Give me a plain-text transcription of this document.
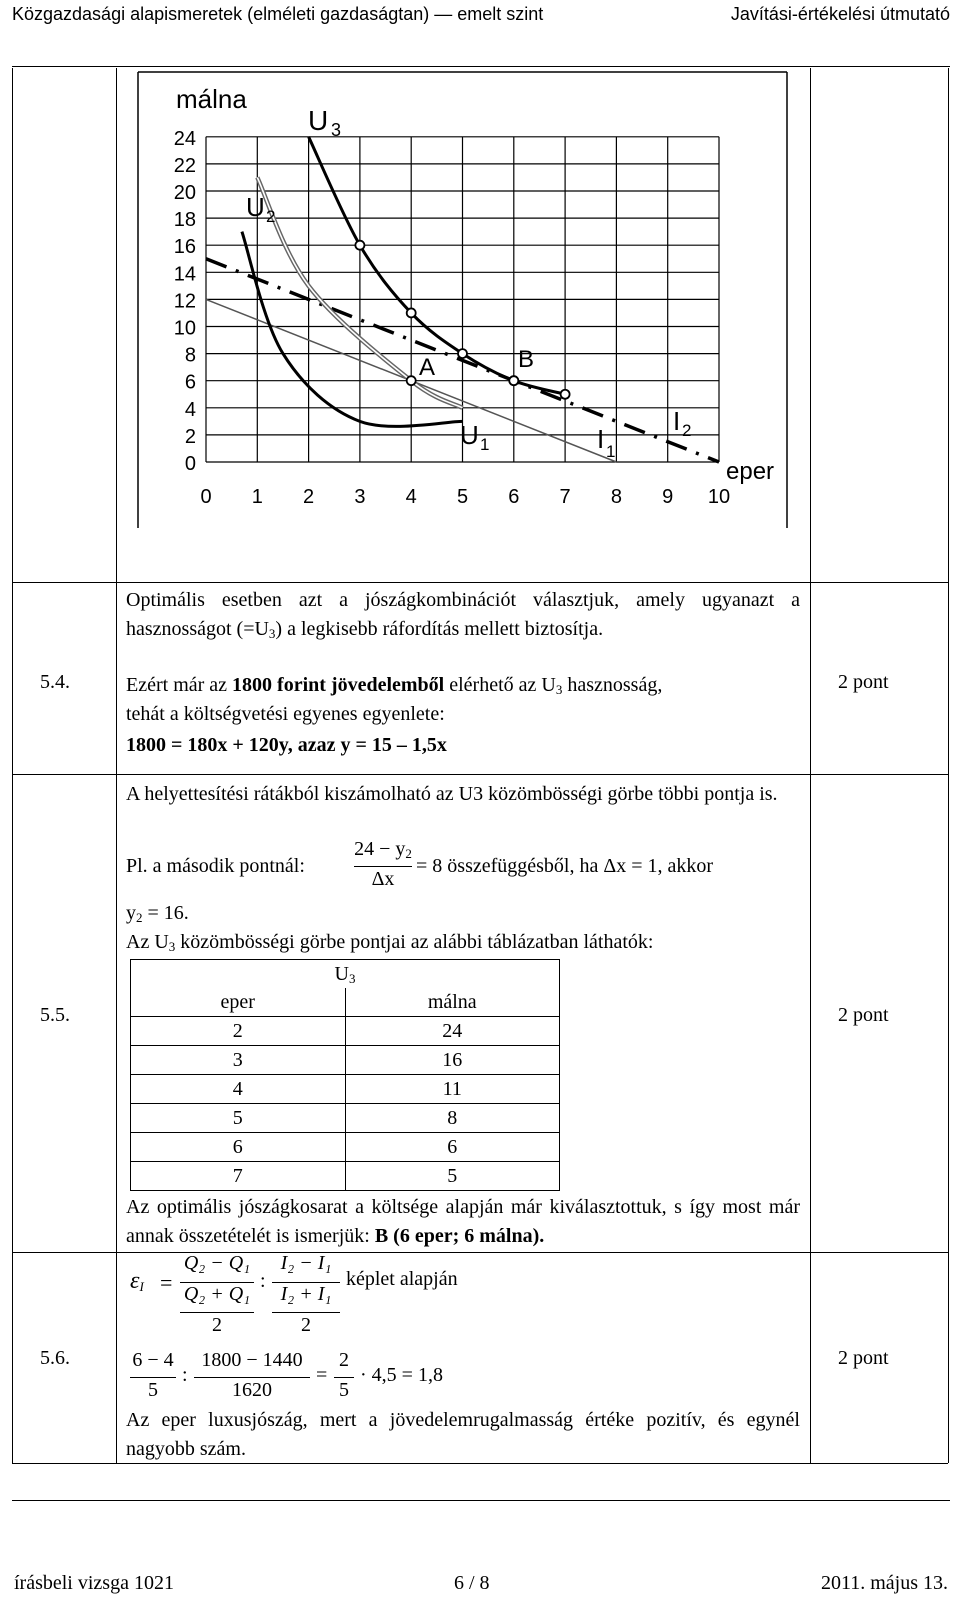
Közgazdasági alapismeretek (elméleti gazdaságtan) — emelt szint	Javítási-értékelési útmutató
24
22
20
18
16
14
12
10
8
6
4
2
0
0 1 2 3 4 5 6 7 8 9 10
málna
eper
U 3
U 2
U 1
A	B
I 1
I 2
5.4.	2 pont
Optimális esetben azt a jószágkombinációt választjuk, amely ugyanazt a hasznosságot $(=U_3)$ a legkisebb ráfordítás mellett biztosítja.
Ezért már az 1800 forint jövedelemből elérhető az $U_3$ hasznosság,
tehát a költségvetési egyenes egyenlete:
1800 = 180x + 120y, azaz y = 15 – 1,5x
5.5.	2 pont
A helyettesítési rátákból kiszámolható az U3 közömbösségi görbe többi pontja is.
Pl. a második pontnál:
$24 - y_2$
Δx
= 8 összefüggésből, ha Δx = 1, akkor
$y_2 = 16$.
Az $U_3$ közömbösségi görbe pontjai az alábbi táblázatban láthatók:
$U_3$
eper	málna
2	24
3	16
4	11
5	8
6	6
7	5
Az optimális jószágkosarat a költsége alapján már kiválasztottuk, s így most már annak összetételét is ismerjük: B (6 eper; 6 málna).
5.6.	2 pont
$\varepsilon_I$ =
Q₂ − Q₁
Q₂ + Q₁
2
:
I₂ − I₁
I₂ + I₁
2
képlet alapján
6 − 4
5
:
1800 − 1440
1620
=
2
5
· 4,5 = 1,8
Az eper luxusjószág, mert a jövedelemrugalmasság értéke pozitív, és egynél nagyobb szám.
írásbeli vizsga 1021	6 / 8	2011. május 13.
